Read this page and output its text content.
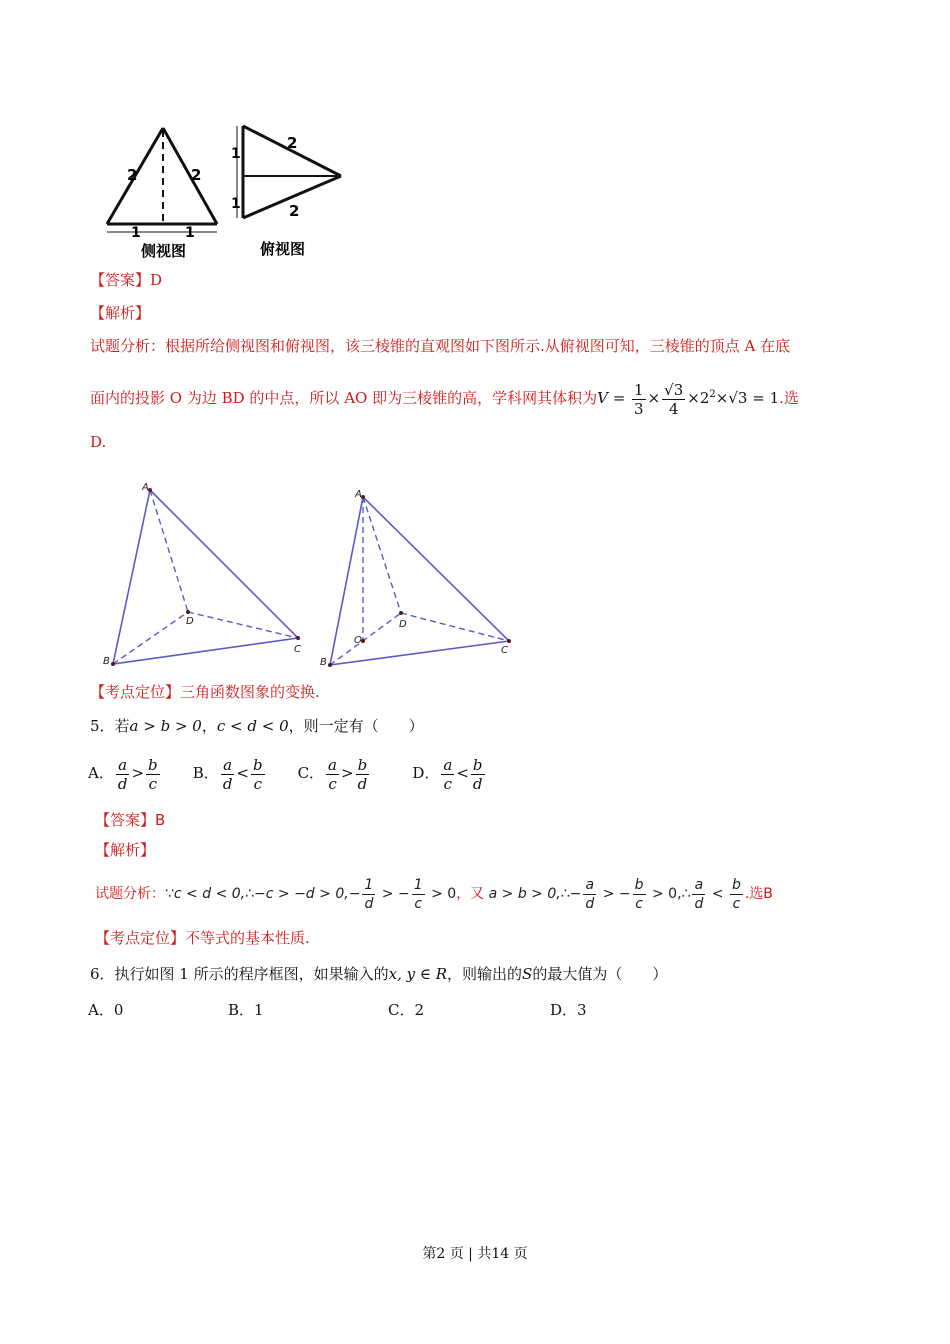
2	2
1	1
侧视图
2
2
1
1
俯视图
【答案】D
【解析】
试题分析：根据所给侧视图和俯视图，该三棱锥的直观图如下图所示.从俯视图可知，三棱锥的顶点 A 在底
面内的投影 O 为边 BD 的中点，所以 AO 即为三棱锥的高，学科网其体积为$V = \frac{1}{3} \times \frac{√3}{4} \times 2^2\times√3 = 1$.选
D.
A
B
C
D
A
B
C
D
O
【考点定位】三角函数图象的变换.
5．若a > b > 0，c < d < 0，则一定有（　　）
A． $\frac{a}{d} > \frac{b}{c}$ B． $\frac{a}{d} < \frac{b}{c}$ C． $\frac{a}{c} > \frac{b}{d}$	D． $\frac{a}{c} < \frac{b}{d}$
【答案】B
【解析】
试题分析：∵c < d < 0,∴−c > $-d > 0,- \frac{1}{d}$ > − $\frac{1}{c} > 0$，又 a > b > 0,∴− $\frac{a}{d}$ > − $\frac{b}{c}$ > 0,∴ $\frac{a}{d} < \frac{b}{c}$ .选B
【考点定位】不等式的基本性质.
6．执行如图 1 所示的程序框图，如果输入的x, y ∈ R，则输出的S的最大值为（　　）
A．0	B．1	C．2	D．3
第2 页 | 共14 页
